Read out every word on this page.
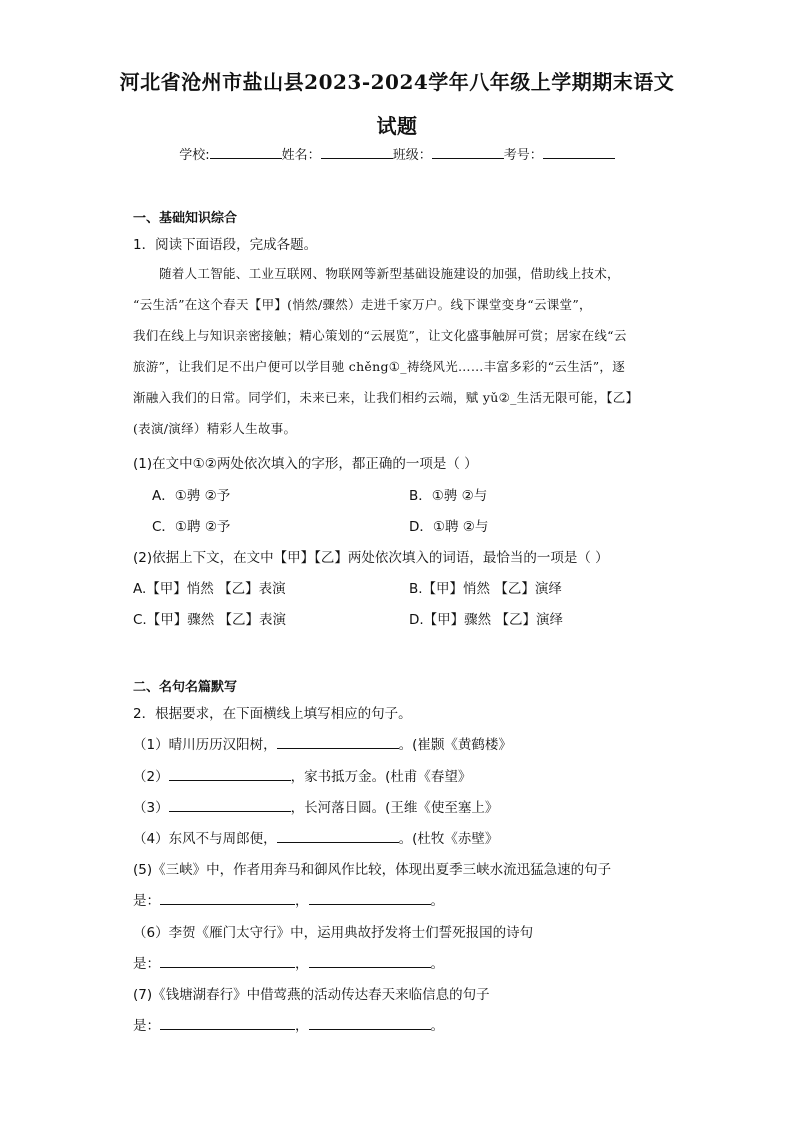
河北省沧州市盐山县2023-2024学年八年级上学期期末语文
试题
学校:	姓名：	班级：	考号：
一、基础知识综合
1．阅读下面语段，完成各题。
随着人工智能、工业互联网、物联网等新型基础设施建设的加强，借助线上技术，
“云生活”在这个春天【甲】(悄然/骤然）走进千家万户。线下课堂变身“云课堂”，
我们在线上与知识亲密接触；精心策划的“云展览”，让文化盛事触屏可赏；居家在线“云
旅游”，让我们足不出户便可以学目驰 chěng①_祷绕风光……丰富多彩的“云生活”，逐
渐融入我们的日常。同学们，未来已来，让我们相约云端，赋 yǔ②_生活无限可能，【乙】
(表演/演绎）精彩人生故事。
(1)在文中①②两处依次填入的字形，都正确的一项是（ ）
A．①骋 ②予	B．①骋 ②与
C．①聘 ②予	D．①聘 ②与
(2)依据上下文，在文中【甲】【乙】两处依次填入的词语，最恰当的一项是（ ）
A.【甲】悄然 【乙】表演	B.【甲】悄然 【乙】演绎
C.【甲】骤然 【乙】表演	D.【甲】骤然 【乙】演绎
二、名句名篇默写
2．根据要求，在下面横线上填写相应的句子。
（1）晴川历历汉阳树，	。(崔颢《黄鹤楼》
（2）	，家书抵万金。(杜甫《春望》
（3）	，长河落日圆。(王维《使至塞上》
（4）东风不与周郎便，	。(杜牧《赤壁》
(5)《三峡》中，作者用奔马和御风作比较，体现出夏季三峡水流迅猛急速的句子
是：	，	。
（6）李贺《雁门太守行》中，运用典故抒发将士们誓死报国的诗句
是：	，	。
(7)《钱塘湖春行》中借莺燕的活动传达春天来临信息的句子
是：	，	。
